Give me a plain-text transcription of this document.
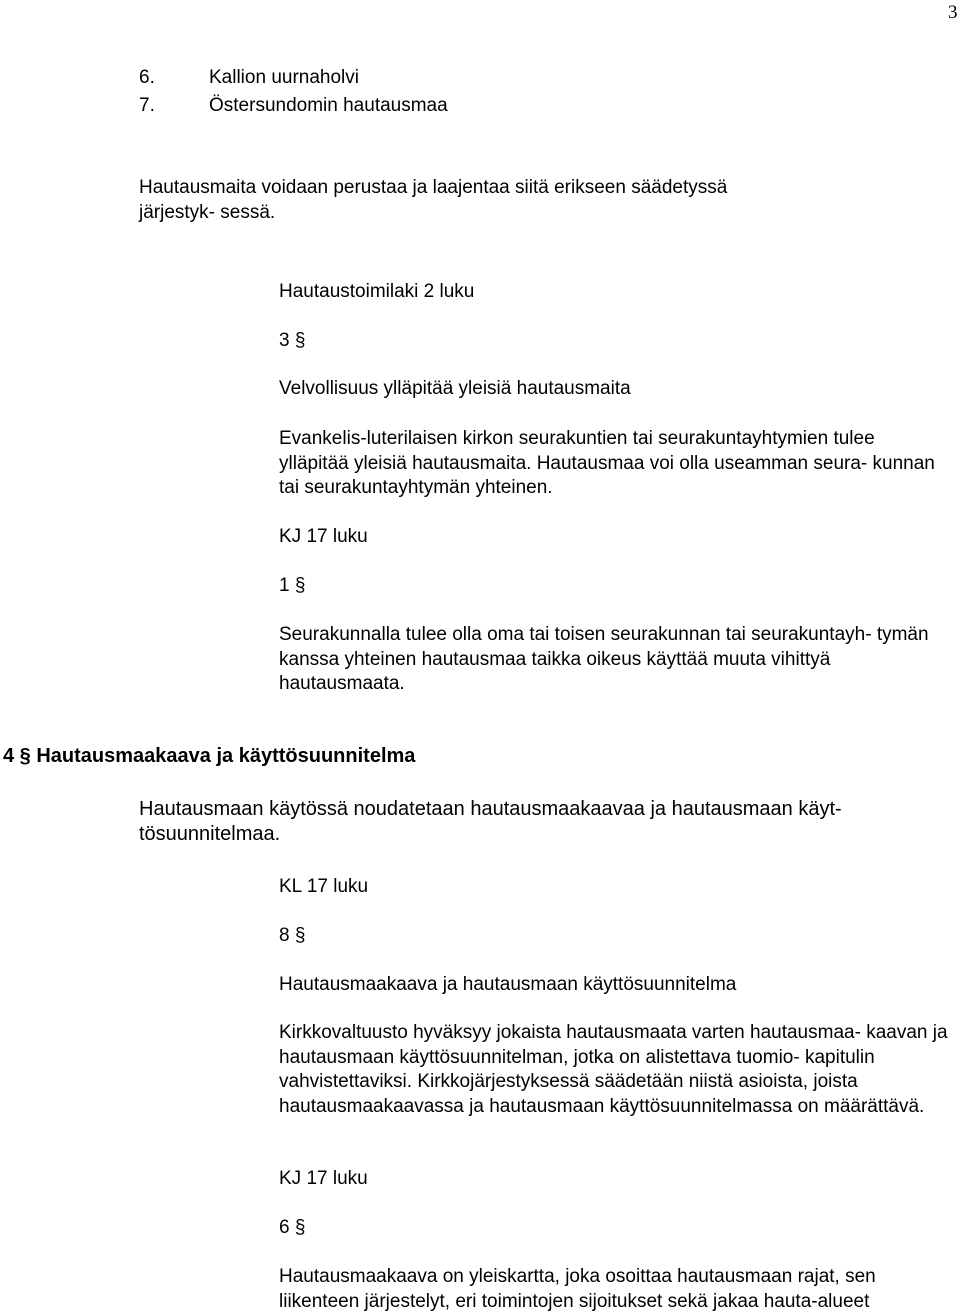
3
6.	Kallion uurnaholvi
7.	Östersundomin hautausmaa
Hautausmaita voidaan perustaa ja laajentaa siitä erikseen säädetyssä järjestyk- sessä.
Hautaustoimilaki 2 luku
3 §
Velvollisuus ylläpitää yleisiä hautausmaita
Evankelis-luterilaisen kirkon seurakuntien tai seurakuntayhtymien tulee ylläpitää yleisiä hautausmaita. Hautausmaa voi olla useamman seura- kunnan tai seurakuntayhtymän yhteinen.
KJ 17 luku
1 §
Seurakunnalla tulee olla oma tai toisen seurakunnan tai seurakuntayh- tymän kanssa yhteinen hautausmaa taikka oikeus käyttää muuta vihittyä hautausmaata.
4 § Hautausmaakaava ja käyttösuunnitelma
Hautausmaan käytössä noudatetaan hautausmaakaavaa ja hautausmaan käyt- tösuunnitelmaa.
KL 17 luku
8 §
Hautausmaakaava ja hautausmaan käyttösuunnitelma
Kirkkovaltuusto hyväksyy jokaista hautausmaata varten hautausmaa- kaavan ja hautausmaan käyttösuunnitelman, jotka on alistettava tuomio- kapitulin vahvistettaviksi. Kirkkojärjestyksessä säädetään niistä asioista, joista hautausmaakaavassa ja hautausmaan käyttösuunnitelmassa on määrättävä.
KJ 17 luku
6 §
Hautausmaakaava on yleiskartta, joka osoittaa hautausmaan rajat, sen liikenteen järjestelyt, eri toimintojen sijoitukset sekä jakaa hauta-alueet
